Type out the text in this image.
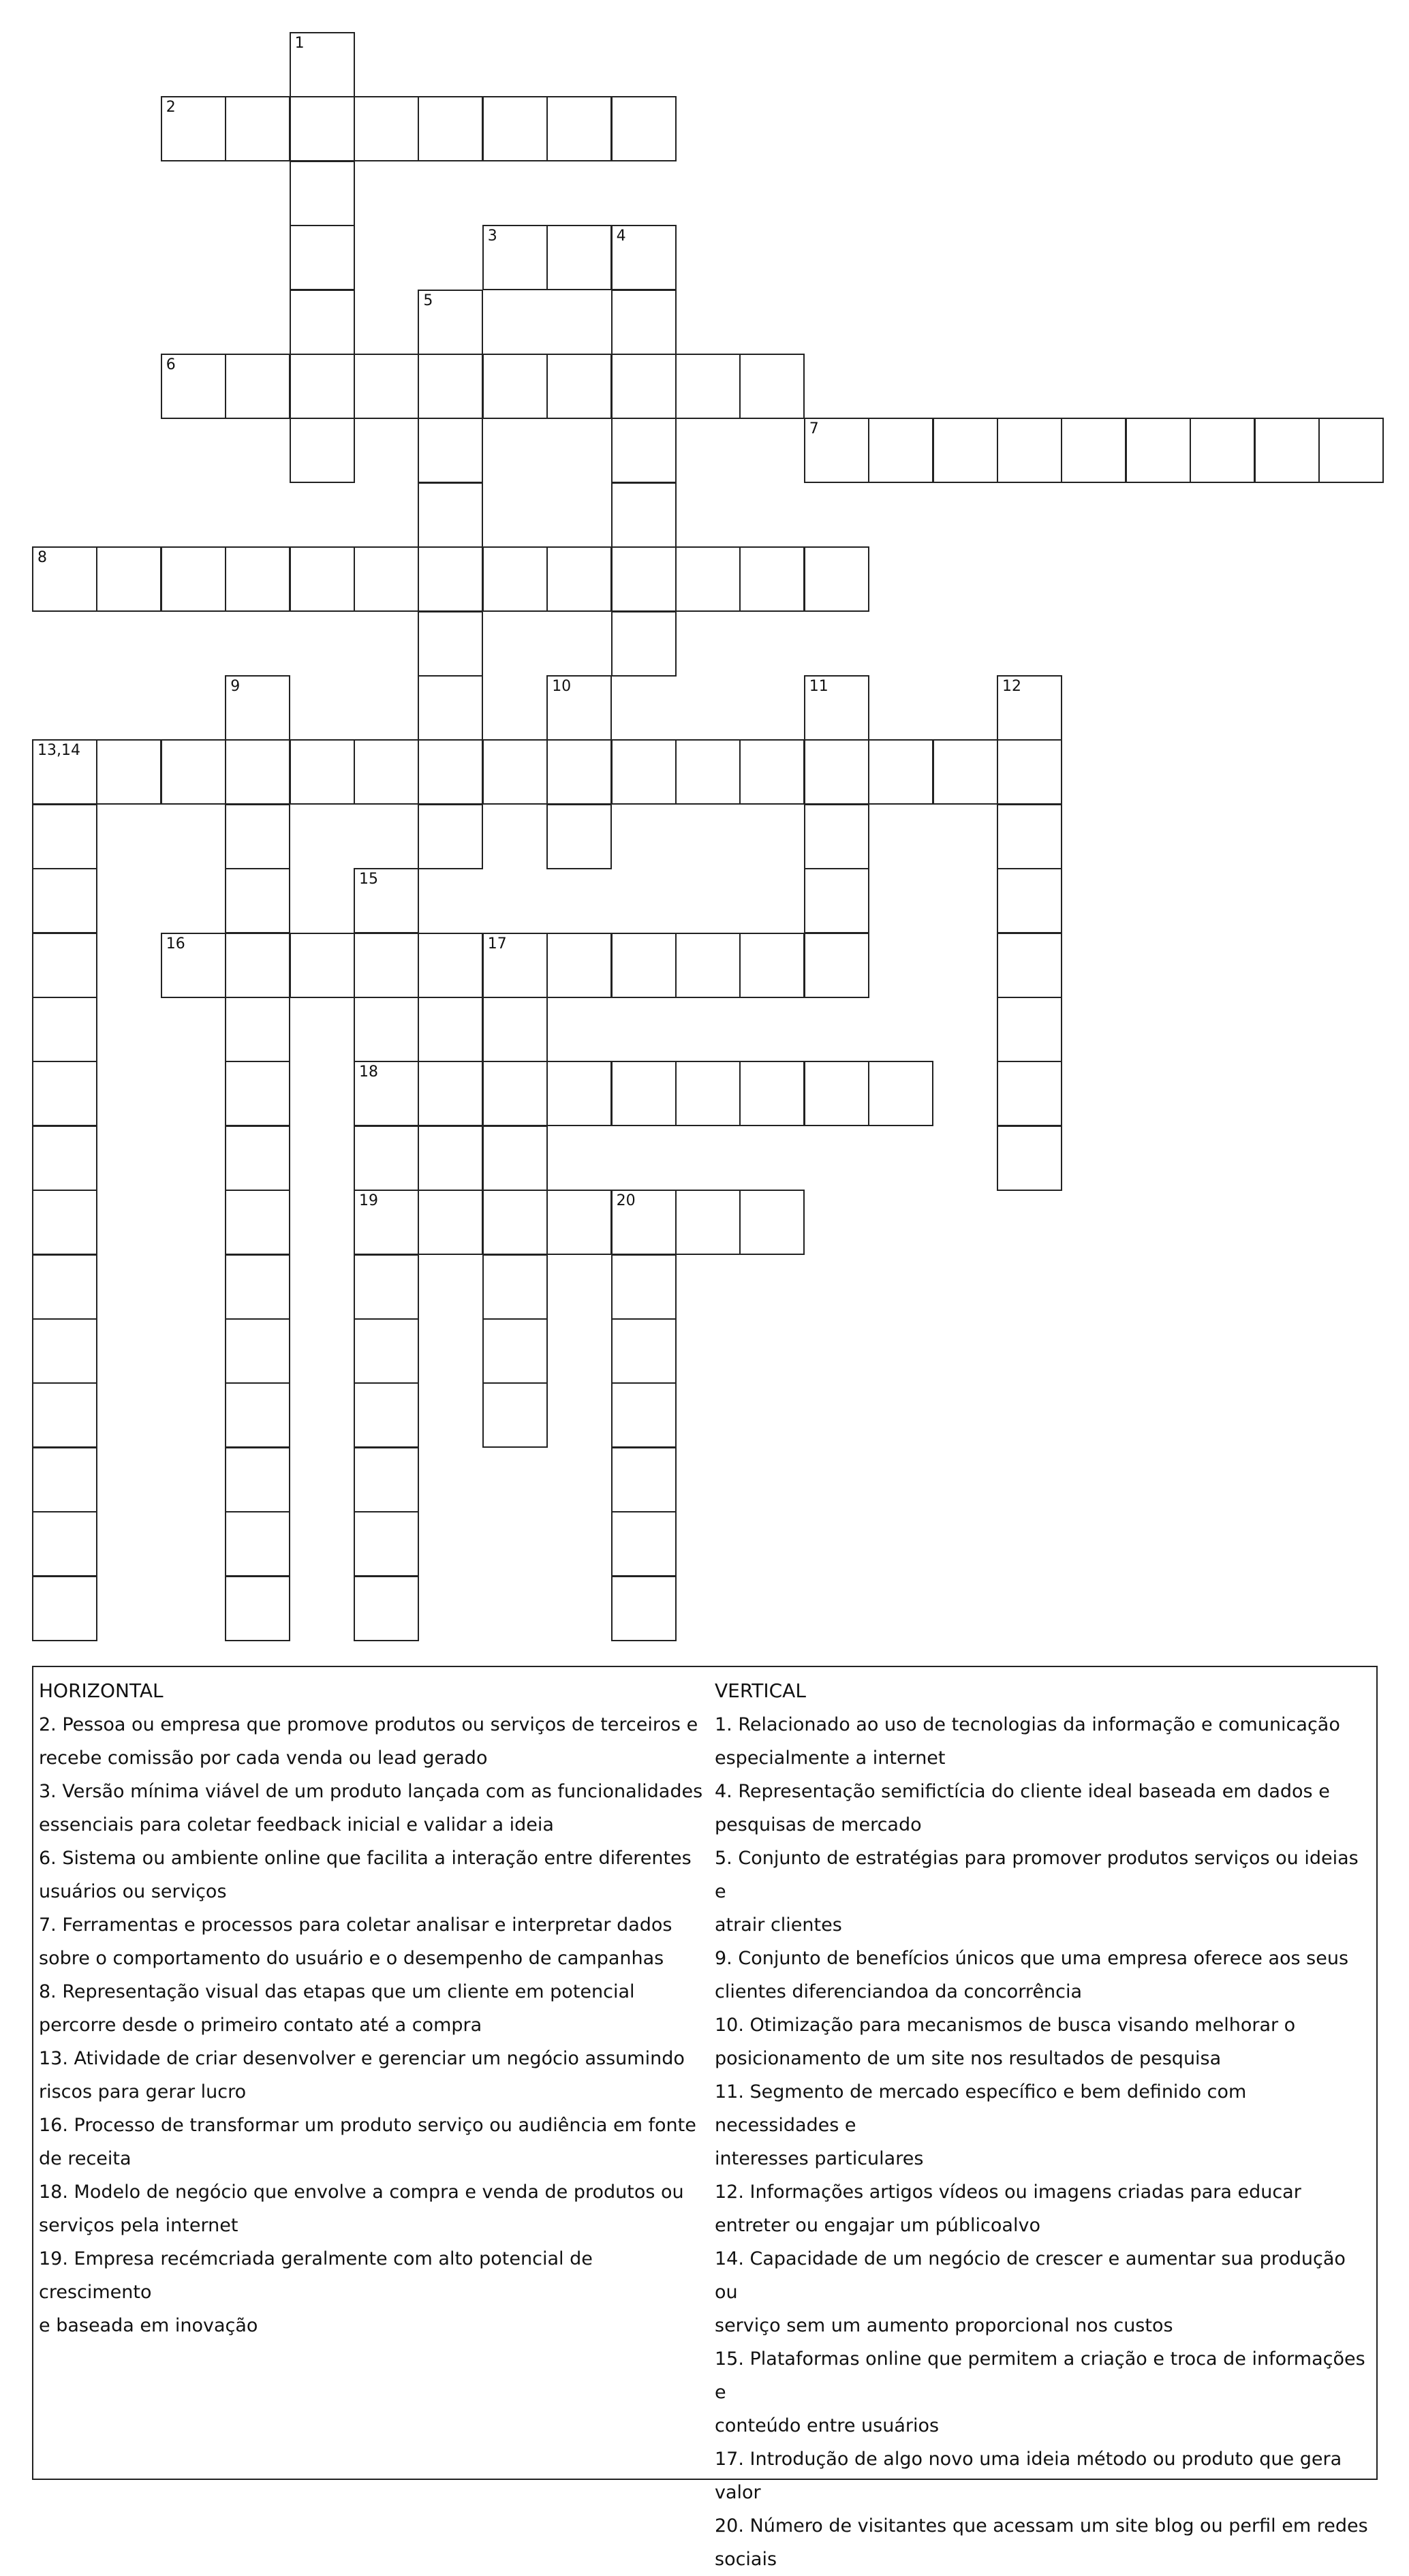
1
2
3	4
5
6
7
8
9	10	11	12
13,14
15
16	17
18
19	20

HORIZONTAL

2. Pessoa ou empresa que promove produtos ou serviços de terceiros e

recebe comissão por cada venda ou lead gerado

3. Versão mínima viável de um produto lançada com as funcionalidades

essenciais para coletar feedback inicial e validar a ideia

6. Sistema ou ambiente online que facilita a interação entre diferentes

usuários ou serviços

7. Ferramentas e processos para coletar analisar e interpretar dados

sobre o comportamento do usuário e o desempenho de campanhas

8. Representação visual das etapas que um cliente em potencial

percorre desde o primeiro contato até a compra

13. Atividade de criar desenvolver e gerenciar um negócio assumindo

riscos para gerar lucro

16. Processo de transformar um produto serviço ou audiência em fonte

de receita

18. Modelo de negócio que envolve a compra e venda de produtos ou

serviços pela internet

19. Empresa recémcriada geralmente com alto potencial de crescimento

e baseada em inovação

VERTICAL

1. Relacionado ao uso de tecnologias da informação e comunicação

especialmente a internet

4. Representação semifictícia do cliente ideal baseada em dados e

pesquisas de mercado

5. Conjunto de estratégias para promover produtos serviços ou ideias e

atrair clientes

9. Conjunto de benefícios únicos que uma empresa oferece aos seus

clientes diferenciandoa da concorrência

10. Otimização para mecanismos de busca visando melhorar o

posicionamento de um site nos resultados de pesquisa

11. Segmento de mercado específico e bem definido com necessidades e

interesses particulares

12. Informações artigos vídeos ou imagens criadas para educar

entreter ou engajar um públicoalvo

14. Capacidade de um negócio de crescer e aumentar sua produção ou

serviço sem um aumento proporcional nos custos

15. Plataformas online que permitem a criação e troca de informações e

conteúdo entre usuários

17. Introdução de algo novo uma ideia método ou produto que gera

valor

20. Número de visitantes que acessam um site blog ou perfil em redes

sociais
